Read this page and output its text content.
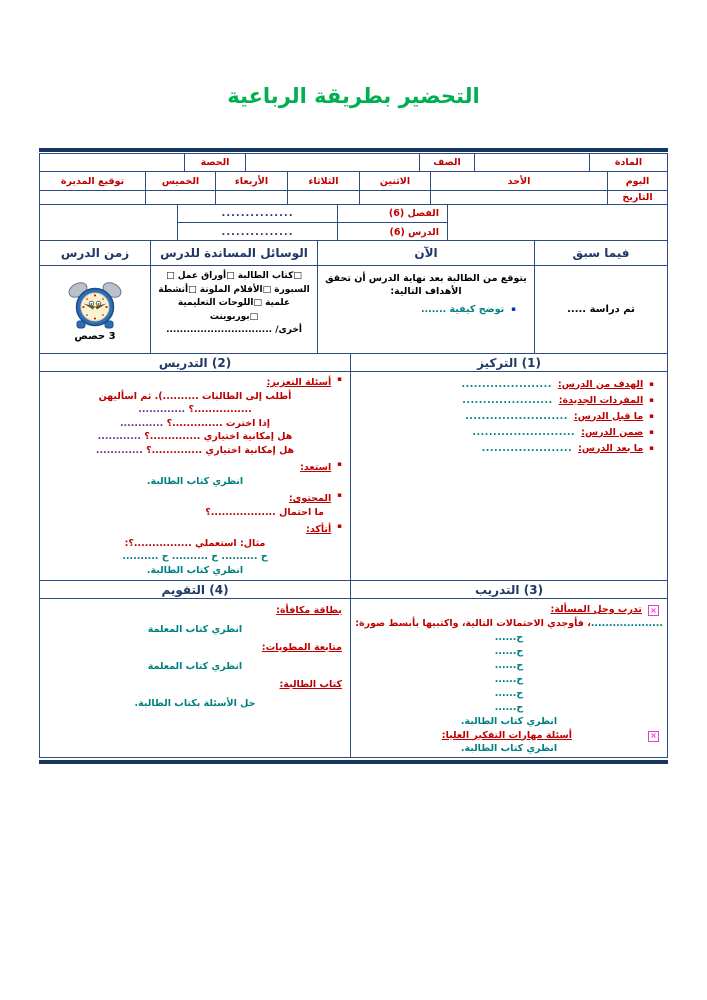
التحضير بطريقة الرباعية
المادة
الصف
الحصة
اليوم
الأحد
الاثنين
الثلاثاء
الأربعاء
الخميس
توقيع المديرة
التاريخ
الفصل (6)
...............
الدرس (6)
...............
فيما سبق
الآن
الوسائل المساندة للدرس
زمن الدرس
تم دراسة .....
يتوقع من الطالبة بعد نهاية الدرس أن تحقق
الأهداف التالية:
▪
توضح كيفية .......
□كتاب الطالبة □أوراق عمل □
السبورة □الأقلام الملونة □أنشطة
علمية □اللوحات التعليمية
□بوربوينت
أخرى/ ...............................
3 حصص
(1) التركيز
(2) التدريس
▪
الهدف من الدرس:
......................
▪
المفردات الجديدة:
......................
▪
ما قبل الدرس:
.........................
▪
ضمن الدرس:
.........................
▪
ما بعد الدرس:
......................
▪
أسئلة التعزيز:
أطلب إلى الطالبات ..........). ثم اسأليهن
................؟ .............
إذا اخترت ..............؟ ............
هل إمكانية اختياري ..............؟ ............
هل إمكانية اختياري ..............؟ .............
▪
استعد:
انظري كتاب الطالبة.
▪
المحتوى:
ما احتمال ..................؟
▪
أتأكد:
مثال: استعملي ................؟:
ح .......... ح .......... ح ..........
انظري كتاب الطالبة.
(3) التدريب
(4) التقويم
×
تدرب وحل المسألة:
....................، فأوجدي الاحتمالات التالية، واكتبيها بأبسط صورة:
ح......
ح......
ح......
ح......
ح......
ح......
انظري كتاب الطالبة.
×
أسئلة مهارات التفكير العليا:
انظري كتاب الطالبة.
بطاقة مكافأة:
انظري كتاب المعلمة
متابعة المطويات:
انظري كتاب المعلمة
كتاب الطالبة:
حل الأسئلة بكتاب الطالبة.
